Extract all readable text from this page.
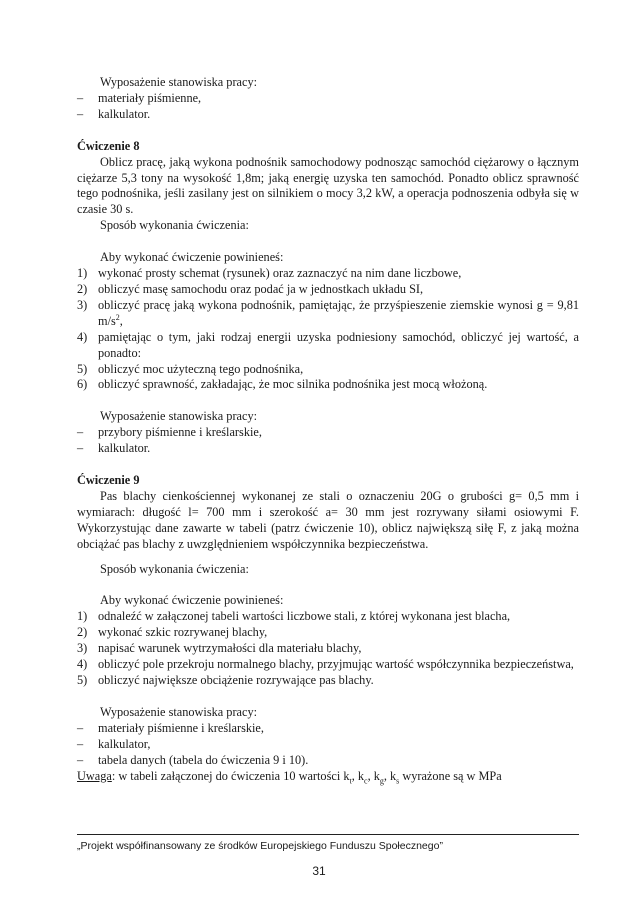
Wyposażenie stanowiska pracy:

–	materiały piśmienne,
–	kalkulator.

Ćwiczenie 8

Oblicz pracę, jaką wykona podnośnik samochodowy podnosząc samochód ciężarowy o łącznym ciężarze 5,3 tony na wysokość 1,8m; jaką energię uzyska ten samochód. Ponadto oblicz sprawność tego podnośnika, jeśli zasilany jest on silnikiem o mocy 3,2 kW, a operacja podnoszenia odbyła się w czasie 30 s.

Sposób wykonania ćwiczenia:

Aby wykonać ćwiczenie powinieneś:

1) wykonać prosty schemat (rysunek) oraz zaznaczyć na nim dane liczbowe,
2) obliczyć masę samochodu oraz podać ja w jednostkach układu SI,
3) obliczyć pracę jaką wykona podnośnik, pamiętając, że przyśpieszenie ziemskie wynosi g = 9,81 $m/s^2$,
4) pamiętając o tym, jaki rodzaj energii uzyska podniesiony samochód, obliczyć jej wartość, a ponadto:
5) obliczyć moc użyteczną tego podnośnika,
6) obliczyć sprawność, zakładając, że moc silnika podnośnika jest mocą włożoną.

Wyposażenie stanowiska pracy:

–	przybory piśmienne i kreślarskie,
–	kalkulator.

Ćwiczenie 9

Pas blachy cienkościennej wykonanej ze stali o oznaczeniu 20G o grubości g= 0,5 mm i wymiarach: długość l= 700 mm i szerokość a= 30 mm jest rozrywany siłami osiowymi F. Wykorzystując dane zawarte w tabeli (patrz ćwiczenie 10), oblicz największą siłę F, z jaką można obciążać pas blachy z uwzględnieniem współczynnika bezpieczeństwa.

Sposób wykonania ćwiczenia:

Aby wykonać ćwiczenie powinieneś:

1) odnaleźć w załączonej tabeli wartości liczbowe stali, z której wykonana jest blacha,
2) wykonać szkic rozrywanej blachy,
3) napisać warunek wytrzymałości dla materiału blachy,
4) obliczyć pole przekroju normalnego blachy, przyjmując wartość współczynnika bezpieczeństwa,
5) obliczyć największe obciążenie rozrywające pas blachy.

Wyposażenie stanowiska pracy:

–	materiały piśmienne i kreślarskie,
–	kalkulator,
–	tabela danych (tabela do ćwiczenia 9 i 10).

Uwaga: w tabeli załączonej do ćwiczenia 10 wartości $k_t$, $k_c$, $k_g$, $k_s$ wyrażone są w MPa

„Projekt współfinansowany ze środków Europejskiego Funduszu Społecznego”
31
